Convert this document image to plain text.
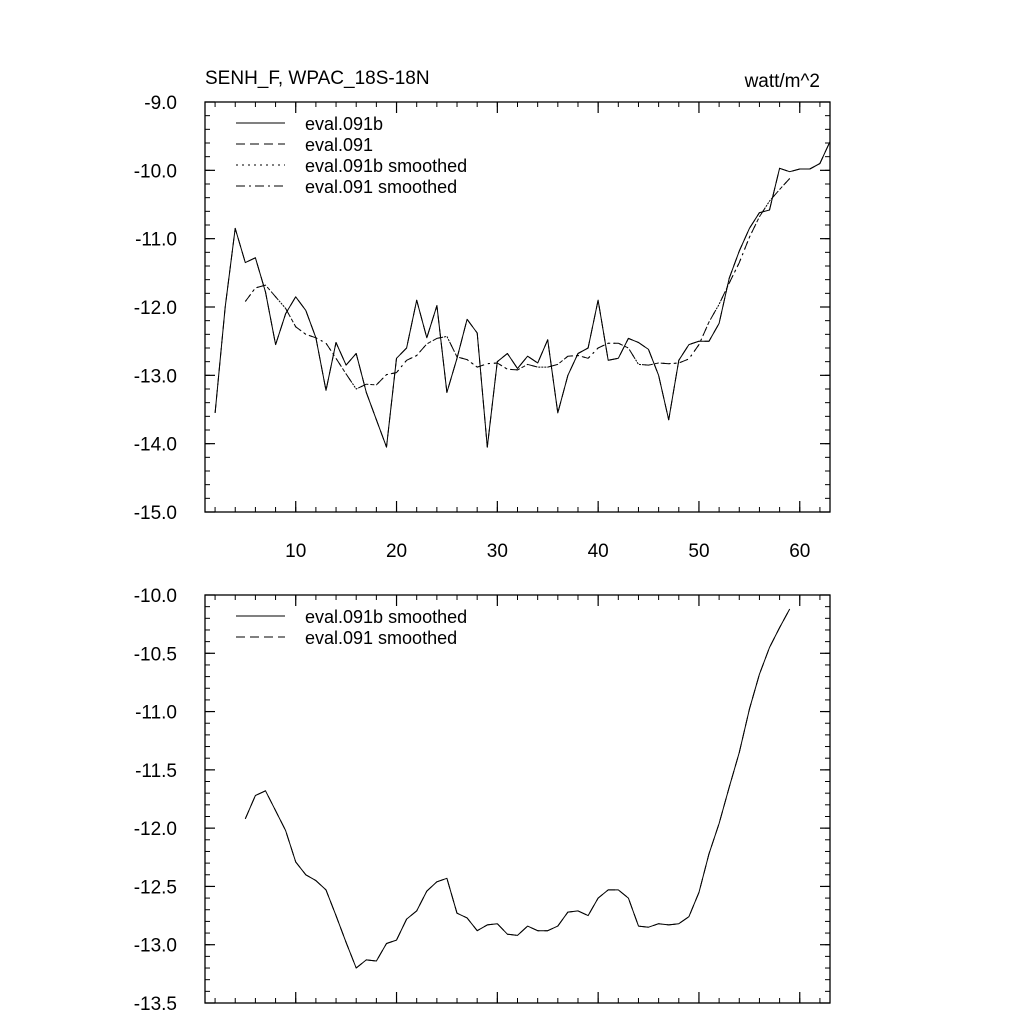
SENH_F, WPAC_18S-18N	watt/m^2
-15.0
-14.0
-13.0
-12.0
-11.0
-10.0
-9.0
10	20	30	40	50	60
eval.091b
eval.091
eval.091b smoothed
eval.091 smoothed
-13.5
-13.0
-12.5
-12.0
-11.5
-11.0
-10.5
-10.0
eval.091b smoothed
eval.091 smoothed
